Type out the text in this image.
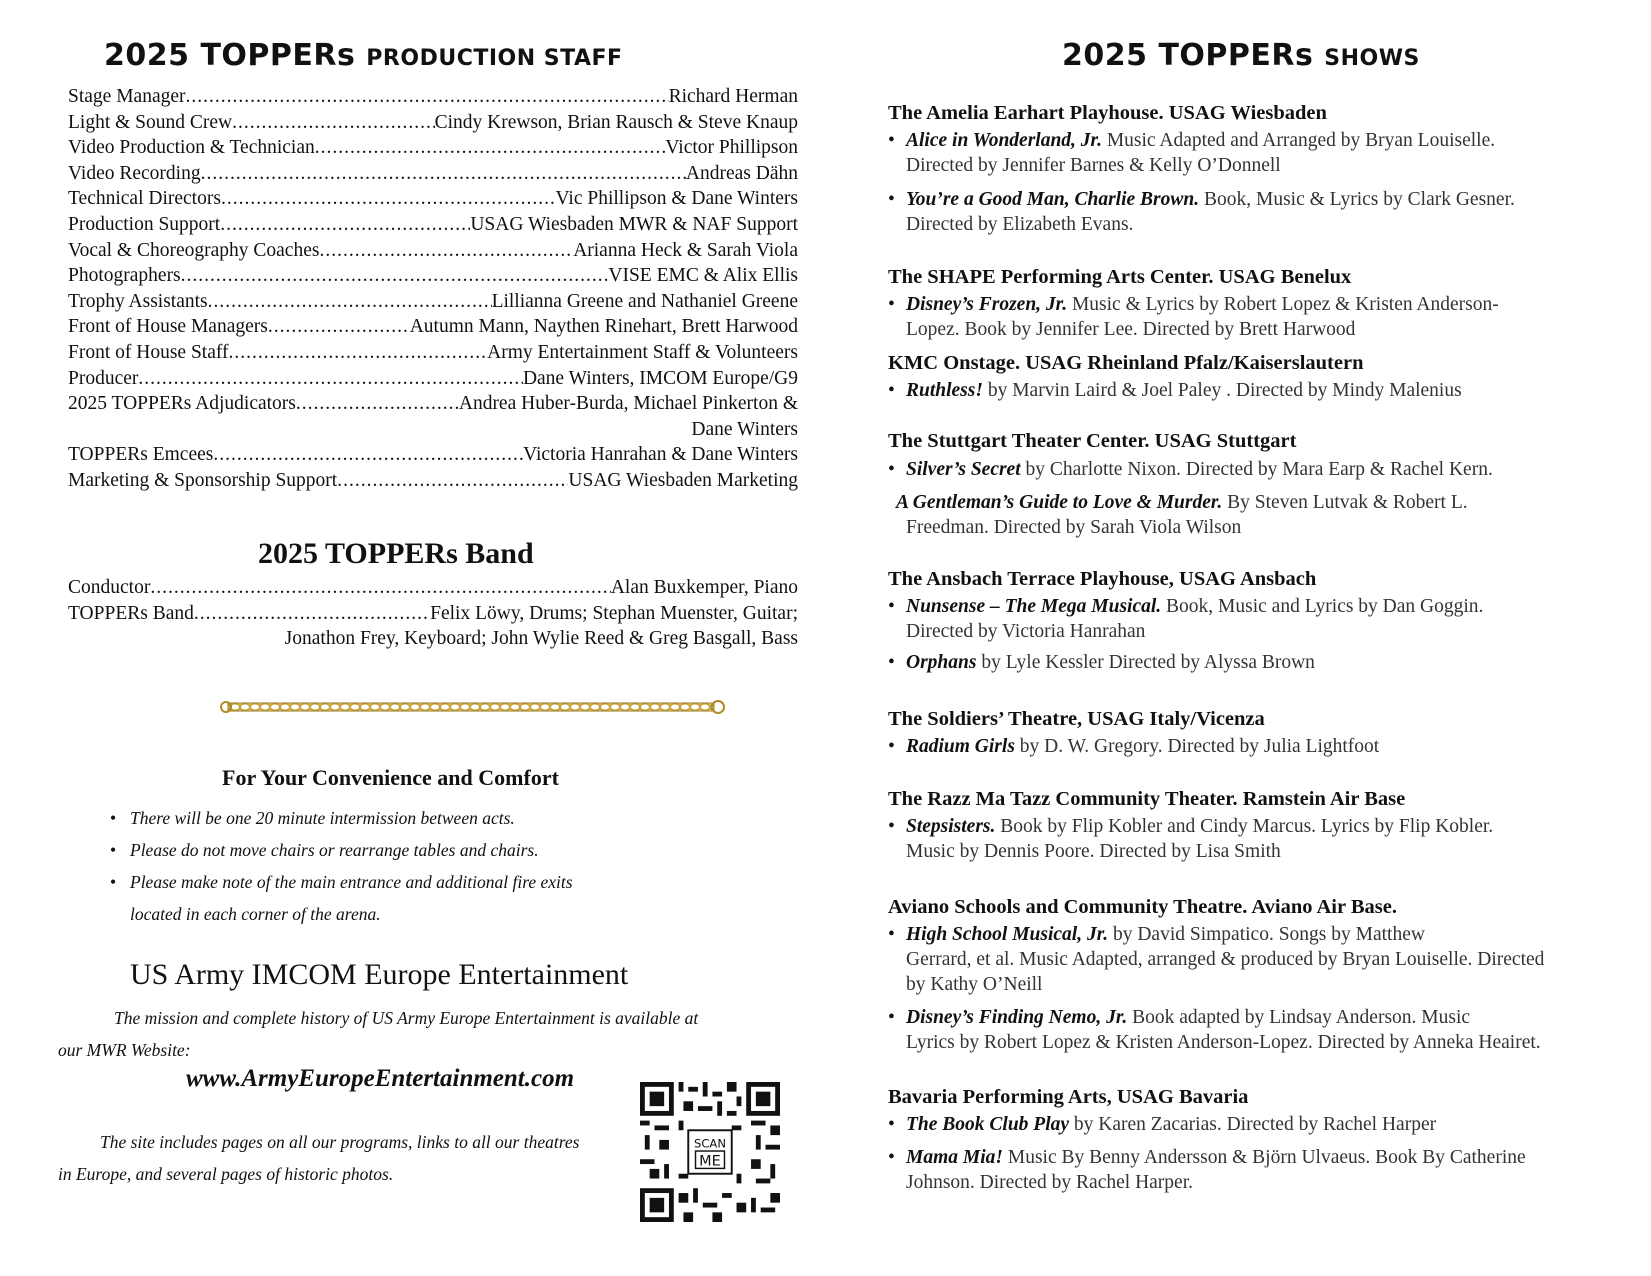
2025 TOPPERs PRODUCTION STAFF
Stage Manager .....	Richard Herman
Light & Sound Crew .....	Cindy Krewson, Brian Rausch & Steve Knaup
Video Production & Technician .....	Victor Phillipson
Video Recording .....	Andreas Dähn
Technical Directors .....	Vic Phillipson & Dane Winters
Production Support .....	USAG Wiesbaden MWR & NAF Support
Vocal & Choreography Coaches .....	Arianna Heck & Sarah Viola
Photographers .....	VISE EMC & Alix Ellis
Trophy Assistants .....	Lillianna Greene and Nathaniel Greene
Front of House Managers .....	Autumn Mann, Naythen Rinehart, Brett Harwood
Front of House Staff .....	Army Entertainment Staff & Volunteers
Producer .....	Dane Winters, IMCOM Europe/G9
2025 TOPPERs Adjudicators .....	Andrea Huber-Burda, Michael Pinkerton &
Dane Winters
TOPPERs Emcees .....	Victoria Hanrahan & Dane Winters
Marketing & Sponsorship Support .....	USAG Wiesbaden Marketing
2025 TOPPERs Band
Conductor .....	Alan Buxkemper, Piano
TOPPERs Band .....	Felix Löwy, Drums; Stephan Muenster, Guitar;
Jonathon Frey, Keyboard; John Wylie Reed & Greg Basgall, Bass
For Your Convenience and Comfort
• There will be one 20 minute intermission between acts.
• Please do not move chairs or rearrange tables and chairs.
• Please make note of the main entrance and additional fire exits
located in each corner of the arena.
US Army IMCOM Europe Entertainment
The mission and complete history of US Army Europe Entertainment is available at
our MWR Website:
www.ArmyEuropeEntertainment.com
The site includes pages on all our programs, links to all our theatres
in Europe, and several pages of historic photos.
SCAN
ME
2025 TOPPERs SHOWS
The Amelia Earhart Playhouse. USAG Wiesbaden
• Alice in Wonderland, Jr. Music Adapted and Arranged by Bryan Louiselle.
Directed by Jennifer Barnes & Kelly O’Donnell
• You’re a Good Man, Charlie Brown. Book, Music & Lyrics by Clark Gesner.
Directed by Elizabeth Evans.
The SHAPE Performing Arts Center. USAG Benelux
• Disney’s Frozen, Jr. Music & Lyrics by Robert Lopez & Kristen Anderson-
Lopez. Book by Jennifer Lee. Directed by Brett Harwood
KMC Onstage. USAG Rheinland Pfalz/Kaiserslautern
• Ruthless! by Marvin Laird & Joel Paley . Directed by Mindy Malenius
The Stuttgart Theater Center. USAG Stuttgart
• Silver’s Secret by Charlotte Nixon. Directed by Mara Earp & Rachel Kern.
A Gentleman’s Guide to Love & Murder. By Steven Lutvak & Robert L.
Freedman. Directed by Sarah Viola Wilson
The Ansbach Terrace Playhouse, USAG Ansbach
• Nunsense – The Mega Musical. Book, Music and Lyrics by Dan Goggin.
Directed by Victoria Hanrahan
• Orphans by Lyle Kessler Directed by Alyssa Brown
The Soldiers’ Theatre, USAG Italy/Vicenza
• Radium Girls by D. W. Gregory. Directed by Julia Lightfoot
The Razz Ma Tazz Community Theater. Ramstein Air Base
• Stepsisters. Book by Flip Kobler and Cindy Marcus. Lyrics by Flip Kobler.
Music by Dennis Poore. Directed by Lisa Smith
Aviano Schools and Community Theatre. Aviano Air Base.
• High School Musical, Jr. by David Simpatico. Songs by Matthew
Gerrard, et al. Music Adapted, arranged & produced by Bryan Louiselle. Directed
by Kathy O’Neill
• Disney’s Finding Nemo, Jr. Book adapted by Lindsay Anderson. Music
Lyrics by Robert Lopez & Kristen Anderson-Lopez. Directed by Anneka Heairet.
Bavaria Performing Arts, USAG Bavaria
• The Book Club Play by Karen Zacarias. Directed by Rachel Harper
• Mama Mia! Music By Benny Andersson & Björn Ulvaeus. Book By Catherine
Johnson. Directed by Rachel Harper.
